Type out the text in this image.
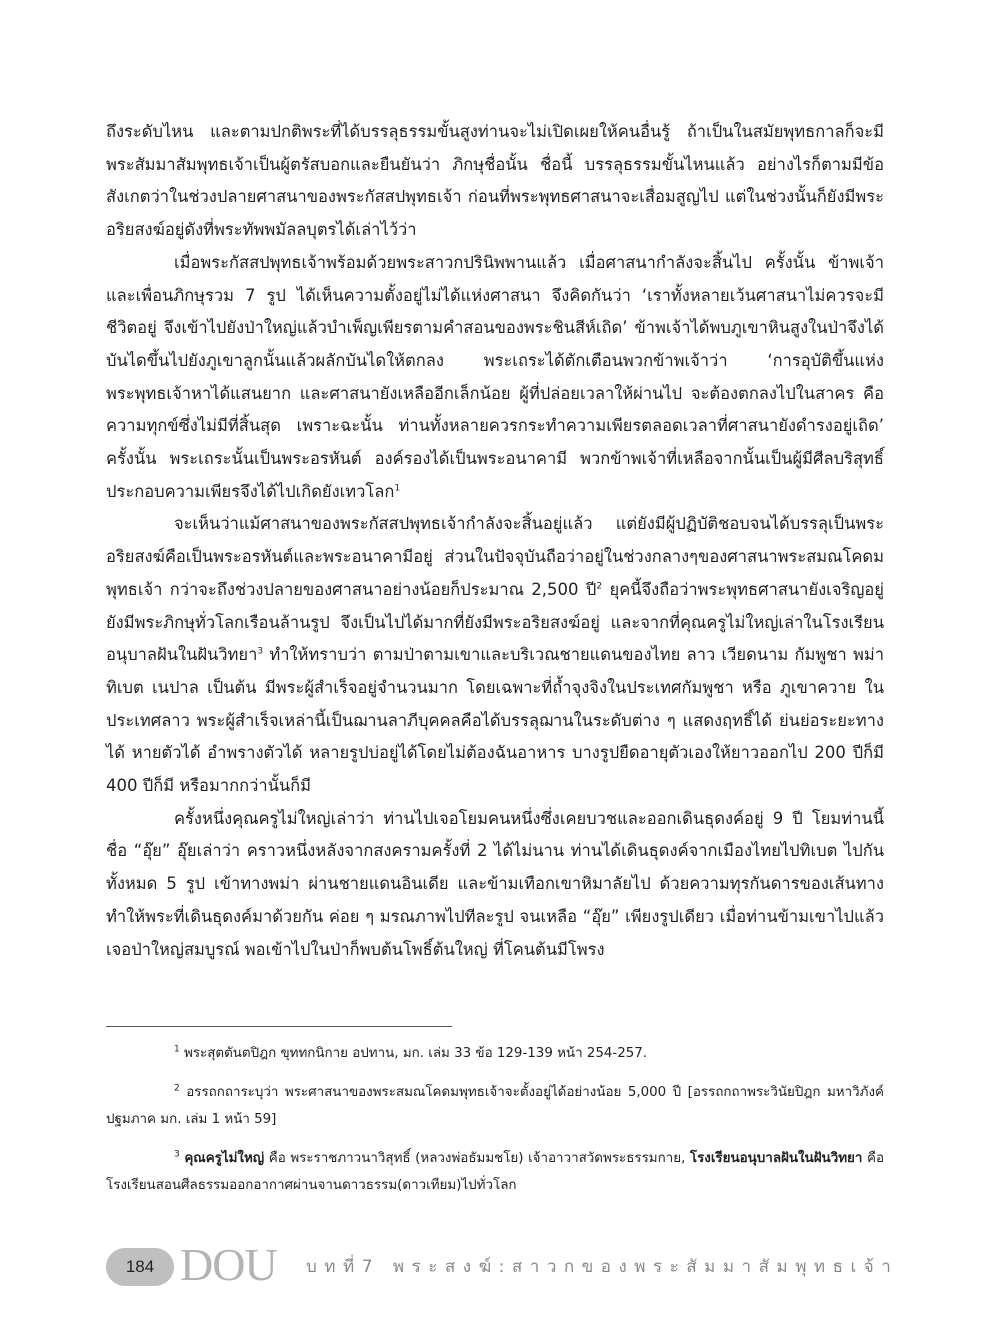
ถึงระดับไหน และตามปกติพระที่ได้บรรลุธรรมขั้นสูงท่านจะไม่เปิดเผยให้คนอื่นรู้ ถ้าเป็นในสมัยพุทธกาลก็จะมีพระสัมมาสัมพุทธเจ้าเป็นผู้ตรัสบอกและยืนยันว่า ภิกษุชื่อนั้น ชื่อนี้ บรรลุธรรมขั้นไหนแล้ว อย่างไรก็ตามมีข้อสังเกตว่าในช่วงปลายศาสนาของพระกัสสปพุทธเจ้า ก่อนที่พระพุทธศาสนาจะเสื่อมสูญไป แต่ในช่วงนั้นก็ยังมีพระอริยสงฆ์อยู่ดังที่พระทัพพมัลลบุตรได้เล่าไว้ว่า

เมื่อพระกัสสปพุทธเจ้าพร้อมด้วยพระสาวกปรินิพพานแล้ว เมื่อศาสนากำลังจะสิ้นไป ครั้งนั้น ข้าพเจ้าและเพื่อนภิกษุรวม 7 รูป ได้เห็นความตั้งอยู่ไม่ได้แห่งศาสนา จึงคิดกันว่า ‘เราทั้งหลายเว้นศาสนาไม่ควรจะมีชีวิตอยู่ จึงเข้าไปยังป่าใหญ่แล้วบำเพ็ญเพียรตามคำสอนของพระชินสีห์เถิด’ ข้าพเจ้าได้พบภูเขาหินสูงในป่าจึงได้บันไดขึ้นไปยังภูเขาลูกนั้นแล้วผลักบันไดให้ตกลง พระเถระได้ตักเตือนพวกข้าพเจ้าว่า ‘การอุบัติขึ้นแห่งพระพุทธเจ้าหาได้แสนยาก และศาสนายังเหลืออีกเล็กน้อย ผู้ที่ปล่อยเวลาให้ผ่านไป จะต้องตกลงไปในสาคร คือความทุกข์ซึ่งไม่มีที่สิ้นสุด เพราะฉะนั้น ท่านทั้งหลายควรกระทำความเพียรตลอดเวลาที่ศาสนายังดำรงอยู่เถิด’ ครั้งนั้น พระเถระนั้นเป็นพระอรหันต์ องค์รองได้เป็นพระอนาคามี พวกข้าพเจ้าที่เหลือจากนั้นเป็นผู้มีศีลบริสุทธิ์ประกอบความเพียรจึงได้ไปเกิดยังเทวโลก$^1$

จะเห็นว่าแม้ศาสนาของพระกัสสปพุทธเจ้ากำลังจะสิ้นอยู่แล้ว แต่ยังมีผู้ปฏิบัติชอบจนได้บรรลุเป็นพระอริยสงฆ์คือเป็นพระอรหันต์และพระอนาคามีอยู่ ส่วนในปัจจุบันถือว่าอยู่ในช่วงกลางๆของศาสนาพระสมณโคดมพุทธเจ้า กว่าจะถึงช่วงปลายของศาสนาอย่างน้อยก็ประมาณ 2,500 ปี$^2$ ยุคนี้จึงถือว่าพระพุทธศาสนายังเจริญอยู่ ยังมีพระภิกษุทั่วโลกเรือนล้านรูป จึงเป็นไปได้มากที่ยังมีพระอริยสงฆ์อยู่ และจากที่คุณครูไม่ใหญ่เล่าในโรงเรียนอนุบาลฝันในฝันวิทยา$^3$ ทำให้ทราบว่า ตามป่าตามเขาและบริเวณชายแดนของไทย ลาว เวียดนาม กัมพูชา พม่า ทิเบต เนปาล เป็นต้น มีพระผู้สำเร็จอยู่จำนวนมาก โดยเฉพาะที่ถ้ำจุงจิงในประเทศกัมพูชา หรือ ภูเขาควาย ในประเทศลาว พระผู้สำเร็จเหล่านี้เป็นฌานลาภีบุคคลคือได้บรรลุฌานในระดับต่าง ๆ แสดงฤทธิ์ได้ ย่นย่อระยะทางได้ หายตัวได้ อำพรางตัวได้ หลายรูปบ่อยู่ได้โดยไม่ต้องฉันอาหาร บางรูปยืดอายุตัวเองให้ยาวออกไป 200 ปีก็มี 400 ปีก็มี หรือมากกว่านั้นก็มี

ครั้งหนึ่งคุณครูไม่ใหญ่เล่าว่า ท่านไปเจอโยมคนหนึ่งซึ่งเคยบวชและออกเดินธุดงค์อยู่ 9 ปี โยมท่านนี้ชื่อ “อุ๊ย” อุ๊ยเล่าว่า คราวหนึ่งหลังจากสงครามครั้งที่ 2 ได้ไม่นาน ท่านได้เดินธุดงค์จากเมืองไทยไปทิเบต ไปกันทั้งหมด 5 รูป เข้าทางพม่า ผ่านชายแดนอินเดีย และข้ามเทือกเขาหิมาลัยไป ด้วยความทุรกันดารของเส้นทางทำให้พระที่เดินธุดงค์มาด้วยกัน ค่อย ๆ มรณภาพไปทีละรูป จนเหลือ “อุ๊ย” เพียงรูปเดียว เมื่อท่านข้ามเขาไปแล้วเจอป่าใหญ่สมบูรณ์ พอเข้าไปในป่าก็พบต้นโพธิ์ต้นใหญ่ ที่โคนต้นมีโพรง

$^1$ พระสุตตันตปิฎก ขุททกนิกาย อปทาน, มก. เล่ม 33 ข้อ 129-139 หน้า 254-257.

$^2$ อรรถกถาระบุว่า พระศาสนาของพระสมณโคดมพุทธเจ้าจะตั้งอยู่ได้อย่างน้อย 5,000 ปี [อรรถกถาพระวินัยปิฎก มหาวิภังค์ ปฐมภาค มก. เล่ม 1 หน้า 59]

$^3$ คุณครูไม่ใหญ่ คือ พระราชภาวนาวิสุทธิ์ (หลวงพ่อธัมมชโย) เจ้าอาวาสวัดพระธรรมกาย, โรงเรียนอนุบาลฝันในฝันวิทยา คือ โรงเรียนสอนศีลธรรมออกอากาศผ่านจานดาวธรรม(ดาวเทียม)ไปทั่วโลก

184 DOU บทที่7 พระสงฆ์:สาวกของพระสัมมาสัมพุทธเจ้า
